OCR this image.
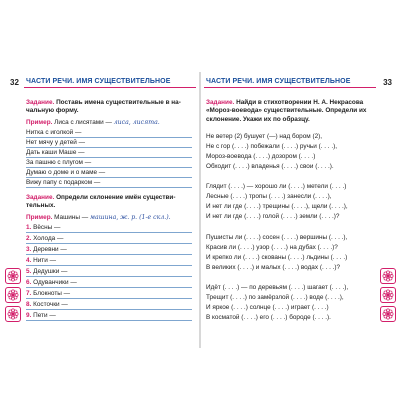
32 ЧАСТИ РЕЧИ. ИМЯ СУЩЕСТВИТЕЛЬНОЕ
Задание. Поставь имена существительные в на-
чальную форму.
Пример. Лиса с лисятами — лиса, лисята.
Нитка с иголкой —
Нет мячу у детей —
Дать каши Маше —
За пашню с плугом —
Думаю о доме и о маме —
Вижу папу с подарком —
Задание. Определи склонение имён существи-
тельных.
Пример. Машины — машина, ж. р. (1-е скл.).
1. Вёсны —
2. Холода —
3. Деревни —
4. Нити —
5. Дедушки —
6. Одуванчики —
7. Блокноты —
8. Косточки —
9. Пети —
33
ЧАСТИ РЕЧИ. ИМЯ СУЩЕСТВИТЕЛЬНОЕ
Задание. Найди в стихотворении Н. А. Некрасова
«Мороз-воевода» существительные. Определи их
склонение. Укажи их по образцу.
Не ветер (2) бушует (—) над бором (2),
Не с гор (. . . .) побежали (. . . .) ручьи (. . . .),
Мороз-воевода (. . . .) дозором (. . . .)
Обходит (. . . .) владенья (. . . .) свои (. . . .).
Глядит (. . . .) — хорошо ли (. . . .) метели (. . . .)
Лесные (. . . .) тропы (. . . .) занесли (. . . .),
И нет ли где (. . . .) трещины (. . . .), щели (. . . .),
И нет ли где (. . . .) голой (. . . .) земли (. . . .)?
Пушисты ли (. . . .) сосен (. . . .) вершины (. . . .),
Красив ли (. . . .) узор (. . . .) на дубах (. . . .)?
И крепко ли (. . . .) скованы (. . . .) льдины (. . . .)
В великих (. . . .) и малых (. . . .) водах (. . . .)?
Идёт (. . . .) — по деревьям (. . . .) шагает (. . . .),
Трещит (. . . .) по замёрзлой (. . . .) воде (. . . .),
И яркое (. . . .) солнце (. . . .) играет (. . . .)
В косматой (. . . .) его (. . . .) бороде (. . . .).
